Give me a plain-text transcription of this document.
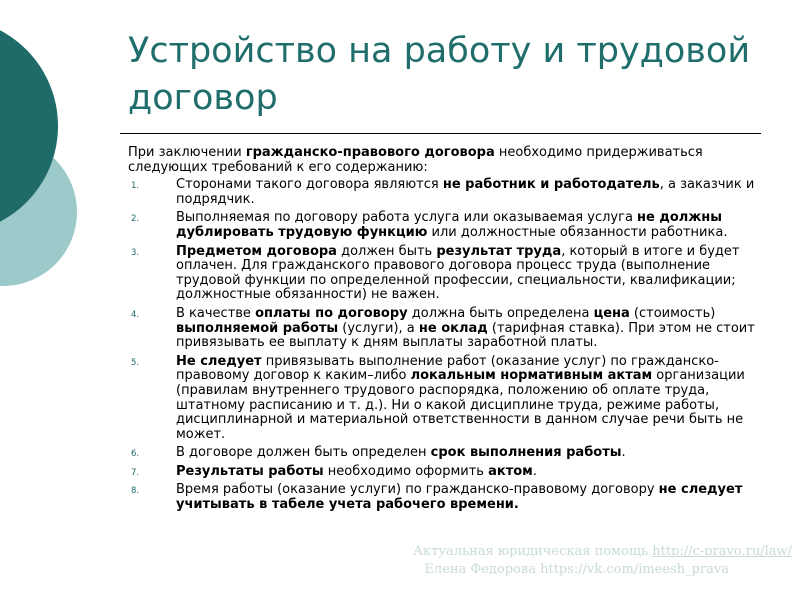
Устройство на работу и трудовой договор

При заключении гражданско-правового договора необходимо придерживаться следующих требований к его содержанию:

1.	Сторонами такого договора являются не работник и работодатель, а заказчик и подрядчик.
2.	Выполняемая по договору работа услуга или оказываемая услуга не должны дублировать трудовую функцию или должностные обязанности работника.
3.	Предметом договора должен быть результат труда, который в итоге и будет оплачен. Для гражданского правового договора процесс труда (выполнение трудовой функции по определенной профессии, специальности, квалификации; должностные обязанности) не важен.
4.	В качестве оплаты по договору должна быть определена цена (стоимость) выполняемой работы (услуги), а не оклад (тарифная ставка). При этом не стоит привязывать ее выплату к дням выплаты заработной платы.
5.	Не следует привязывать выполнение работ (оказание услуг) по гражданско-правовому договор к каким–либо локальным нормативным актам организации (правилам внутреннего трудового распорядка, положению об оплате труда, штатному расписанию и т. д.). Ни о какой дисциплине труда, режиме работы, дисциплинарной и материальной ответственности в данном случае речи быть не может.
6.	В договоре должен быть определен срок выполнения работы.
7.	Результаты работы необходимо оформить актом.
8.	Время работы (оказание услуги) по гражданско-правовому договору не следует учитывать в табеле учета рабочего времени.
Актуальная юридическая помощь http://c-pravo.ru/law/
Елена Федорова https://vk.com/imeesh_prava
